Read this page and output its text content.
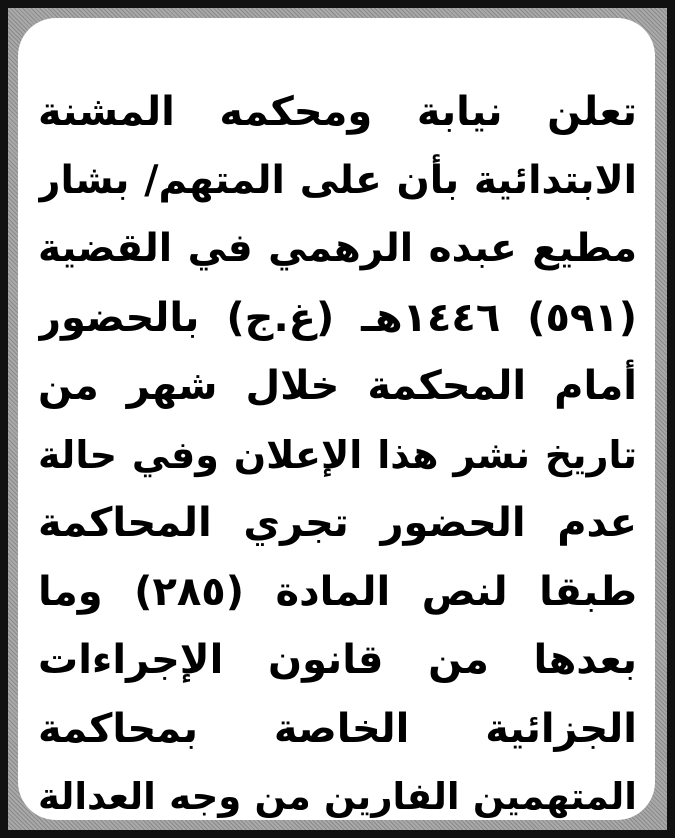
تعلن نيابة ومحكمه المشنة
الابتدائية بأن على المتهم/ بشار
مطيع عبده الرهمي في القضية
(٥٩١) ١٤٤٦هـ (غ.ج) بالحضور
أمام المحكمة خلال شهر من
تاريخ نشر هذا الإعلان وفي حالة
عدم الحضور تجري المحاكمة
طبقا لنص المادة (٢٨٥) وما
بعدها من قانون الإجراءات
الجزائية الخاصة بمحاكمة
المتهمين الفارين من وجه العدالة
